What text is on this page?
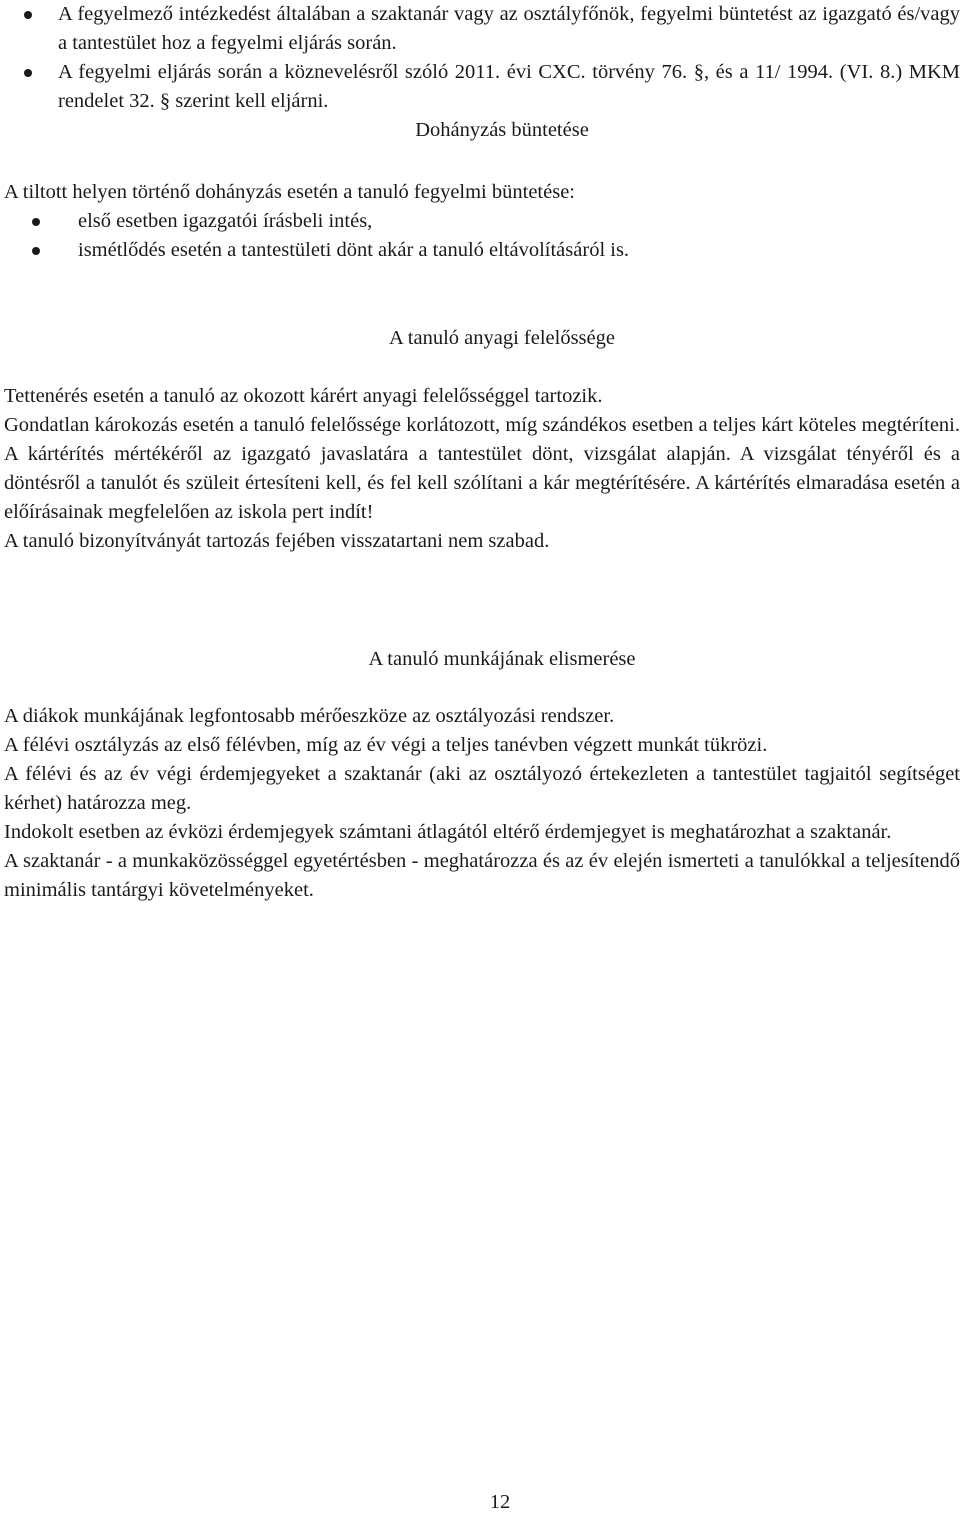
A fegyelmező intézkedést általában a szaktanár vagy az osztályfőnök, fegyelmi büntetést az igazgató és/vagy a tantestület hoz a fegyelmi eljárás során.
A fegyelmi eljárás során a köznevelésről szóló 2011. évi CXC. törvény 76. §, és a 11/ 1994. (VI. 8.) MKM rendelet 32. § szerint kell eljárni.
Dohányzás büntetése

A tiltott helyen történő dohányzás esetén a tanuló fegyelmi büntetése:

első esetben igazgatói írásbeli intés,
ismétlődés esetén a tantestületi dönt akár a tanuló eltávolításáról is.
A tanuló anyagi felelőssége

Tettenérés esetén a tanuló az okozott kárért anyagi felelősséggel tartozik.

Gondatlan károkozás esetén a tanuló felelőssége korlátozott, míg szándékos esetben a teljes kárt köteles megtéríteni. A kártérítés mértékéről az igazgató javaslatára a tantestület dönt, vizsgálat alapján. A vizsgálat tényéről és a döntésről a tanulót és szüleit értesíteni kell, és fel kell szólítani a kár megtérítésére. A kártérítés elmaradása esetén a előírásainak megfelelően az iskola pert indít!

A tanuló bizonyítványát tartozás fejében visszatartani nem szabad.

A tanuló munkájának elismerése

A diákok munkájának legfontosabb mérőeszköze az osztályozási rendszer.

A félévi osztályzás az első félévben, míg az év végi a teljes tanévben végzett munkát tükrözi.

A félévi és az év végi érdemjegyeket a szaktanár (aki az osztályozó értekezleten a tantestület tagjaitól segítséget kérhet) határozza meg.

Indokolt esetben az évközi érdemjegyek számtani átlagától eltérő érdemjegyet is meghatározhat a szaktanár.

A szaktanár - a munkaközösséggel egyetértésben - meghatározza és az év elején ismerteti a tanulókkal a teljesítendő minimális tantárgyi követelményeket.

12
